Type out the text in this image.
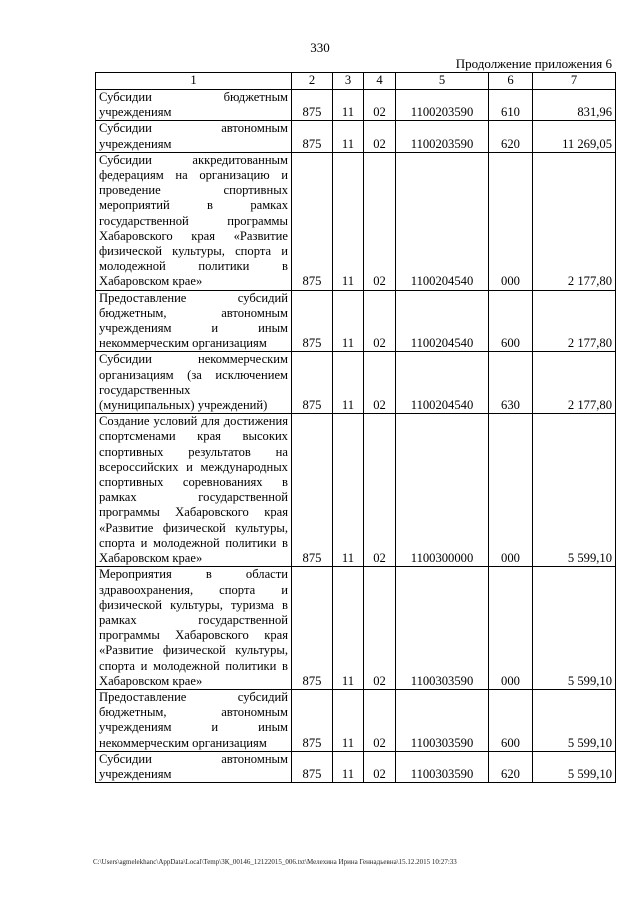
330
Продолжение приложения 6
1	2	3	4	5	6	7
Субсидии бюджетным учреждениям	875	11	02	1100203590	610	831,96
Субсидии автономным учреждениям	875	11	02	1100203590	620	11 269,05
Субсидии аккредитованным федерациям на организацию и проведение спортивных мероприятий в рамках государственной программы Хабаровского края «Развитие физической культуры, спорта и молодежной политики в Хабаровском крае»	875	11	02	1100204540	000	2 177,80
Предоставление субсидий бюджетным, автономным учреждениям и иным некоммерческим организациям	875	11	02	1100204540	600	2 177,80
Субсидии некоммерческим организациям (за исключением государственных (муниципальных) учреждений)	875	11	02	1100204540	630	2 177,80
Создание условий для достижения спортсменами края высоких спортивных результатов на всероссийских и международных спортивных соревнованиях в рамках государственной программы Хабаровского края «Развитие физической культуры, спорта и молодежной политики в Хабаровском крае»	875	11	02	1100300000	000	5 599,10
Мероприятия в области здравоохранения, спорта и физической культуры, туризма в рамках государственной программы Хабаровского края «Развитие физической культуры, спорта и молодежной политики в Хабаровском крае»	875	11	02	1100303590	000	5 599,10
Предоставление субсидий бюджетным, автономным учреждениям и иным некоммерческим организациям	875	11	02	1100303590	600	5 599,10
Субсидии автономным учреждениям	875	11	02	1100303590	620	5 599,10
C:\Users\agmelekhanc\AppData\Local\Temp\3К_00146_12122015_006.txt\Мелехина Ирина Геннадьевна\15.12.2015 10:27:33
